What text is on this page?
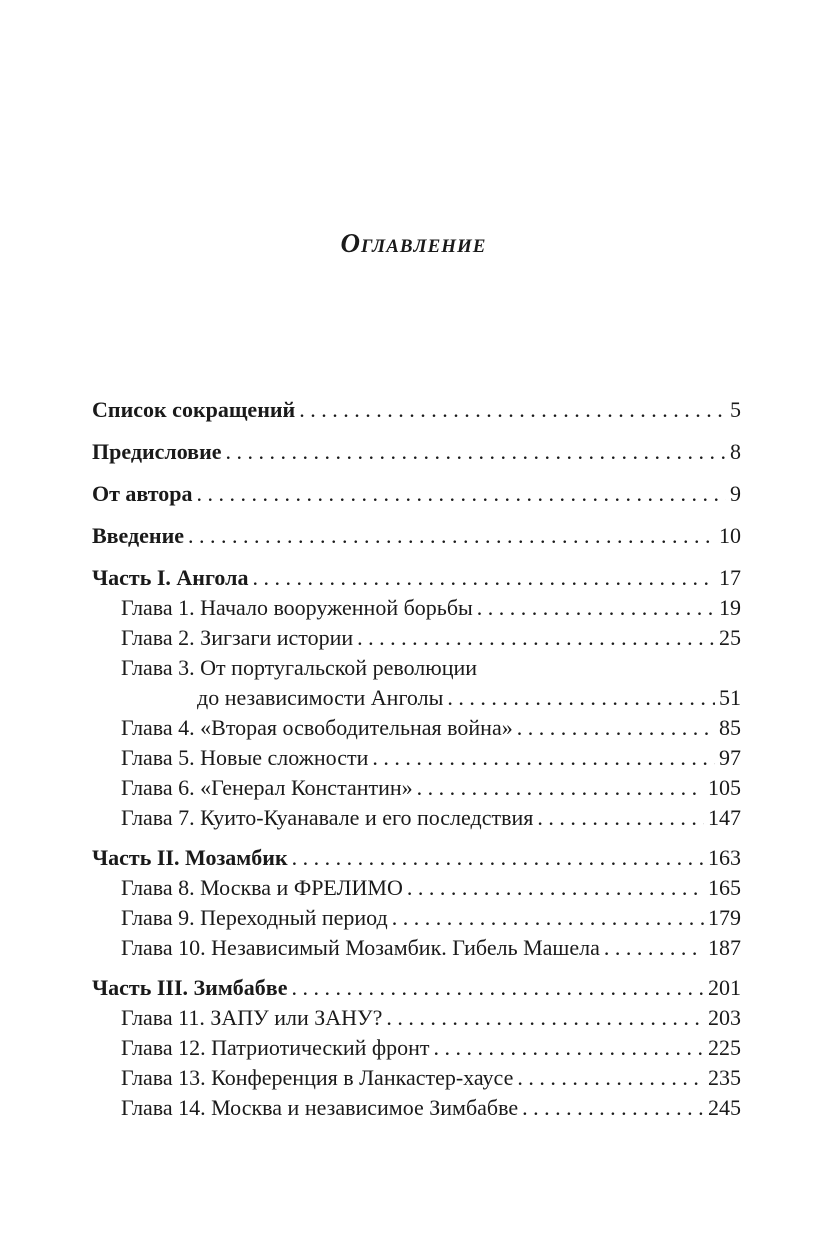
Оглавление
Список сокращений . . .	5
Предисловие . . .	8
От автора . . .	9
Введение . . .	10
Часть I. Ангола . . .	17
Глава 1. Начало вооруженной борьбы . . .	19
Глава 2. Зигзаги истории . . .	25
Глава 3. От португальской революции
до независимости Анголы . . .	51
Глава 4. «Вторая освободительная война» . . .	85
Глава 5. Новые сложности . . .	97
Глава 6. «Генерал Константин» . . .	105
Глава 7. Куито-Куанавале и его последствия . . .	147
Часть II. Мозамбик . . .	163
Глава 8. Москва и ФРЕЛИМО . . .	165
Глава 9. Переходный период . . .	179
Глава 10. Независимый Мозамбик. Гибель Машела . . .	187
Часть III. Зимбабве . . .	201
Глава 11. ЗАПУ или ЗАНУ? . . .	203
Глава 12. Патриотический фронт . . .	225
Глава 13. Конференция в Ланкастер-хаусе . . .	235
Глава 14. Москва и независимое Зимбабве . . .	245
